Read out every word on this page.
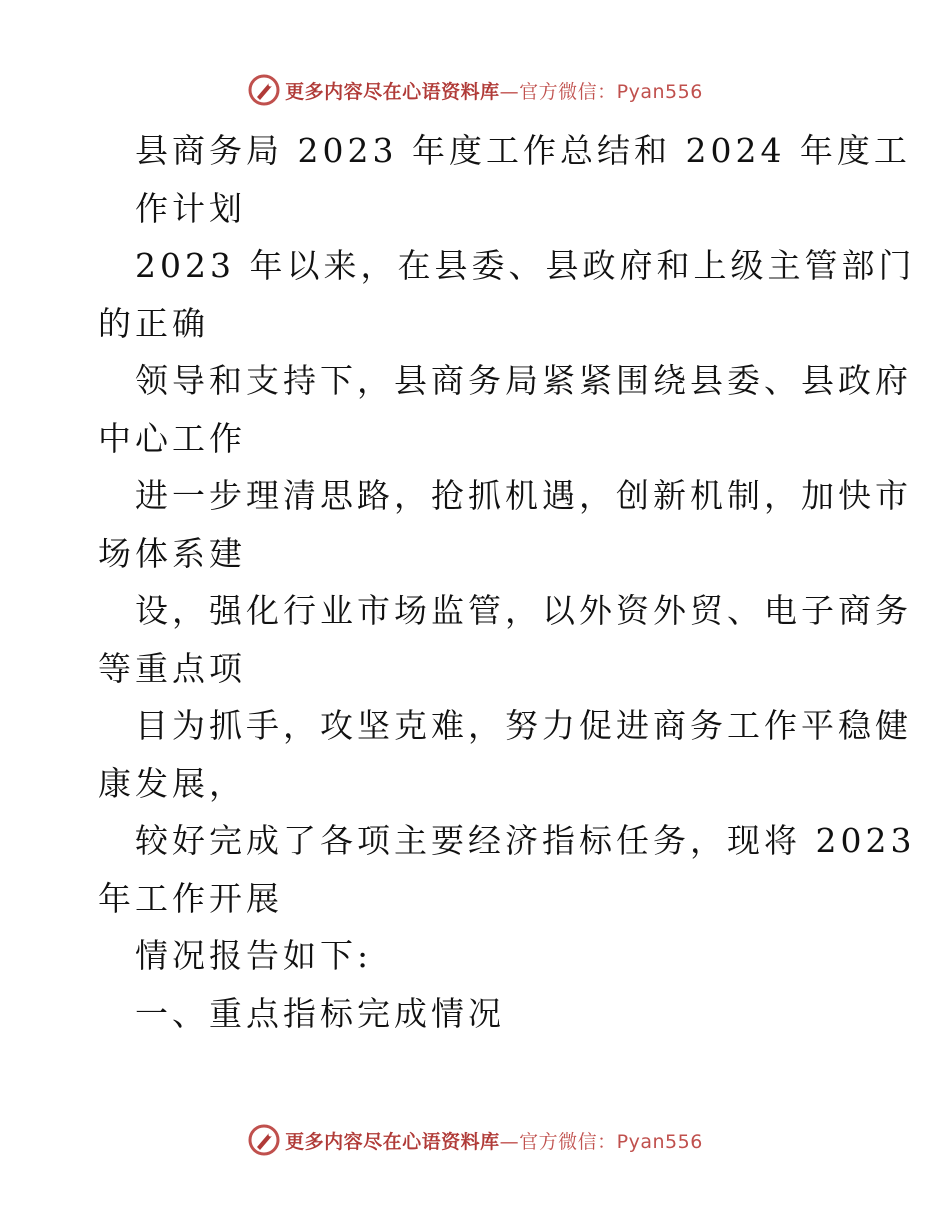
更多内容尽在心语资料库—官方微信：Pyan556
县商务局 2023 年度工作总结和 2024 年度工
作计划
2023 年以来，在县委、县政府和上级主管部门
的正确
领导和支持下，县商务局紧紧围绕县委、县政府
中心工作
进一步理清思路，抢抓机遇，创新机制，加快市
场体系建
设，强化行业市场监管，以外资外贸、电子商务
等重点项
目为抓手，攻坚克难，努力促进商务工作平稳健
康发展，
较好完成了各项主要经济指标任务，现将 2023
年工作开展
情况报告如下:
一、重点指标完成情况
更多内容尽在心语资料库—官方微信：Pyan556
